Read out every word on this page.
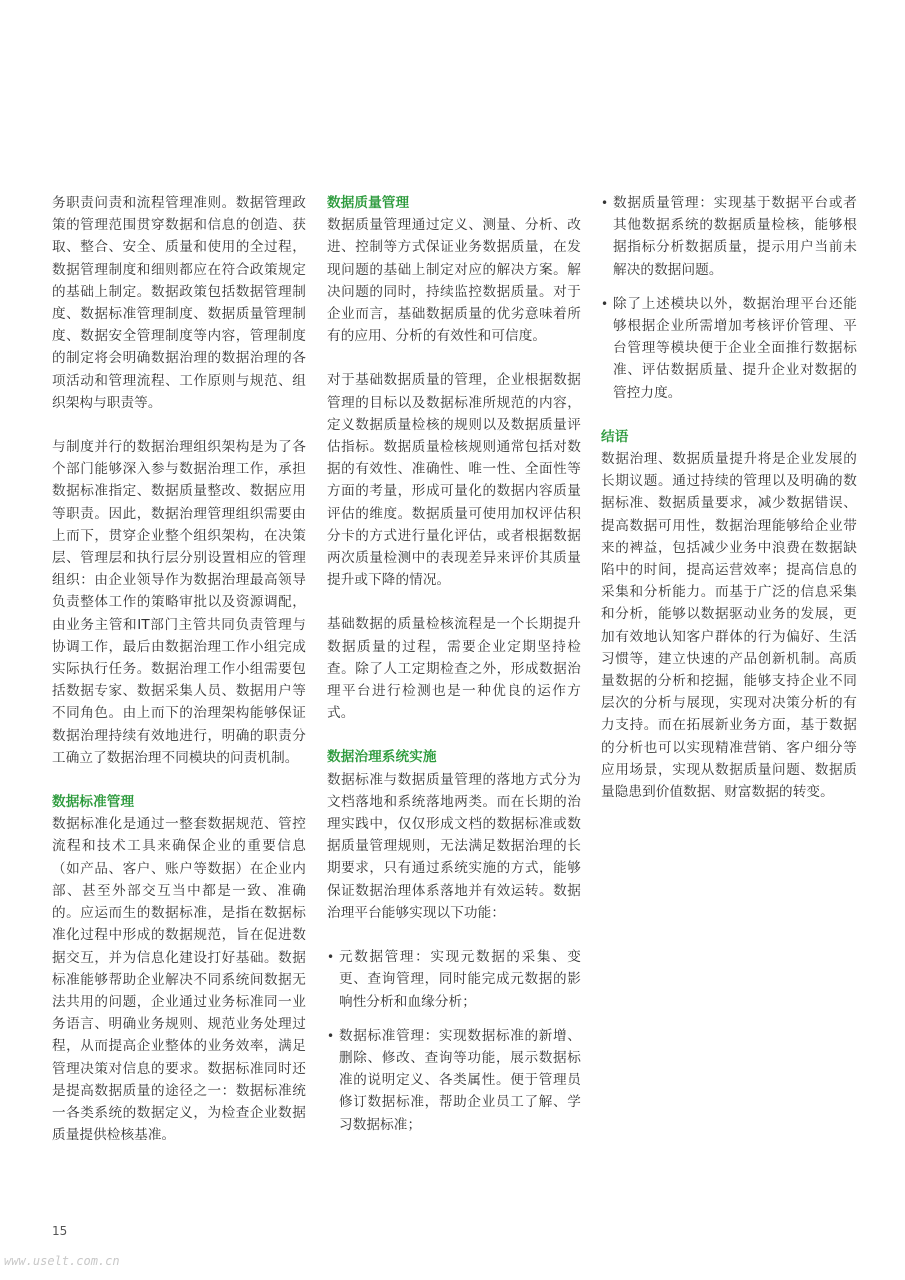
务职责问责和流程管理准则。数据管理政策的管理范围贯穿数据和信息的创造、获取、整合、安全、质量和使用的全过程，数据管理制度和细则都应在符合政策规定的基础上制定。数据政策包括数据管理制度、数据标准管理制度、数据质量管理制度、数据安全管理制度等内容，管理制度的制定将会明确数据治理的数据治理的各项活动和管理流程、工作原则与规范、组织架构与职责等。

与制度并行的数据治理组织架构是为了各个部门能够深入参与数据治理工作，承担数据标准指定、数据质量整改、数据应用等职责。因此，数据治理管理组织需要由上而下，贯穿企业整个组织架构，在决策层、管理层和执行层分别设置相应的管理组织：由企业领导作为数据治理最高领导负责整体工作的策略审批以及资源调配，由业务主管和IT部门主管共同负责管理与协调工作，最后由数据治理工作小组完成实际执行任务。数据治理工作小组需要包括数据专家、数据采集人员、数据用户等不同角色。由上而下的治理架构能够保证数据治理持续有效地进行，明确的职责分工确立了数据治理不同模块的问责机制。

数据标准管理

数据标准化是通过一整套数据规范、管控流程和技术工具来确保企业的重要信息（如产品、客户、账户等数据）在企业内部、甚至外部交互当中都是一致、准确的。应运而生的数据标准，是指在数据标准化过程中形成的数据规范，旨在促进数据交互，并为信息化建设打好基础。数据标准能够帮助企业解决不同系统间数据无法共用的问题，企业通过业务标准同一业务语言、明确业务规则、规范业务处理过程，从而提高企业整体的业务效率，满足管理决策对信息的要求。数据标准同时还是提高数据质量的途径之一：数据标准统一各类系统的数据定义，为检查企业数据质量提供检核基准。

数据质量管理

数据质量管理通过定义、测量、分析、改进、控制等方式保证业务数据质量，在发现问题的基础上制定对应的解决方案。解决问题的同时，持续监控数据质量。对于企业而言，基础数据质量的优劣意味着所有的应用、分析的有效性和可信度。

对于基础数据质量的管理，企业根据数据管理的目标以及数据标准所规范的内容，定义数据质量检核的规则以及数据质量评估指标。数据质量检核规则通常包括对数据的有效性、准确性、唯一性、全面性等方面的考量，形成可量化的数据内容质量评估的维度。数据质量可使用加权评估积分卡的方式进行量化评估，或者根据数据两次质量检测中的表现差异来评价其质量提升或下降的情况。

基础数据的质量检核流程是一个长期提升数据质量的过程，需要企业定期坚持检查。除了人工定期检查之外，形成数据治理平台进行检测也是一种优良的运作方式。

数据治理系统实施

数据标准与数据质量管理的落地方式分为文档落地和系统落地两类。而在长期的治理实践中，仅仅形成文档的数据标准或数据质量管理规则，无法满足数据治理的长期要求，只有通过系统实施的方式，能够保证数据治理体系落地并有效运转。数据治理平台能够实现以下功能：

• 元数据管理：实现元数据的采集、变更、查询管理，同时能完成元数据的影响性分析和血缘分析；
• 数据标准管理：实现数据标准的新增、删除、修改、查询等功能，展示数据标准的说明定义、各类属性。便于管理员修订数据标准，帮助企业员工了解、学习数据标准；
• 数据质量管理：实现基于数据平台或者其他数据系统的数据质量检核，能够根据指标分析数据质量，提示用户当前未解决的数据问题。
• 除了上述模块以外，数据治理平台还能够根据企业所需增加考核评价管理、平台管理等模块便于企业全面推行数据标准、评估数据质量、提升企业对数据的管控力度。
结语

数据治理、数据质量提升将是企业发展的长期议题。通过持续的管理以及明确的数据标准、数据质量要求，减少数据错误、提高数据可用性，数据治理能够给企业带来的裨益，包括减少业务中浪费在数据缺陷中的时间，提高运营效率；提高信息的采集和分析能力。而基于广泛的信息采集和分析，能够以数据驱动业务的发展，更加有效地认知客户群体的行为偏好、生活习惯等，建立快速的产品创新机制。高质量数据的分析和挖掘，能够支持企业不同层次的分析与展现，实现对决策分析的有力支持。而在拓展新业务方面，基于数据的分析也可以实现精准营销、客户细分等应用场景，实现从数据质量问题、数据质量隐患到价值数据、财富数据的转变。

15
www.uselt.com.cn
